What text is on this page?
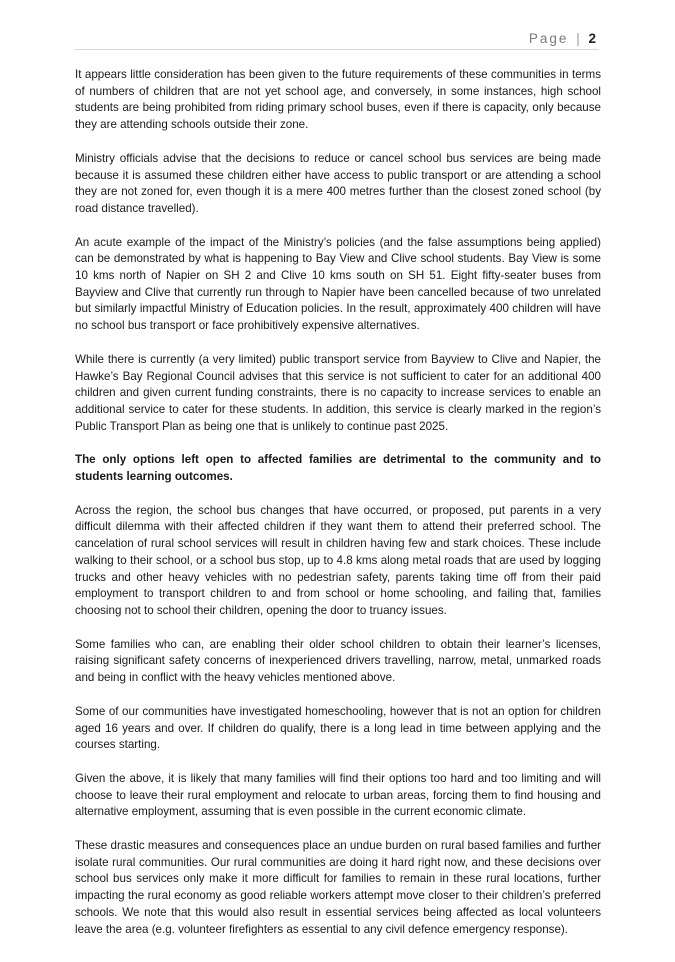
Page | 2

It appears little consideration has been given to the future requirements of these communities in terms of numbers of children that are not yet school age, and conversely, in some instances, high school students are being prohibited from riding primary school buses, even if there is capacity, only because they are attending schools outside their zone.

Ministry officials advise that the decisions to reduce or cancel school bus services are being made because it is assumed these children either have access to public transport or are attending a school they are not zoned for, even though it is a mere 400 metres further than the closest zoned school (by road distance travelled).

An acute example of the impact of the Ministry’s policies (and the false assumptions being applied) can be demonstrated by what is happening to Bay View and Clive school students. Bay View is some 10 kms north of Napier on SH 2 and Clive 10 kms south on SH 51. Eight fifty-seater buses from Bayview and Clive that currently run through to Napier have been cancelled because of two unrelated but similarly impactful Ministry of Education policies. In the result, approximately 400 children will have no school bus transport or face prohibitively expensive alternatives.

While there is currently (a very limited) public transport service from Bayview to Clive and Napier, the Hawke’s Bay Regional Council advises that this service is not sufficient to cater for an additional 400 children and given current funding constraints, there is no capacity to increase services to enable an additional service to cater for these students. In addition, this service is clearly marked in the region’s Public Transport Plan as being one that is unlikely to continue past 2025.

The only options left open to affected families are detrimental to the community and to students learning outcomes.

Across the region, the school bus changes that have occurred, or proposed, put parents in a very difficult dilemma with their affected children if they want them to attend their preferred school. The cancelation of rural school services will result in children having few and stark choices. These include walking to their school, or a school bus stop, up to 4.8 kms along metal roads that are used by logging trucks and other heavy vehicles with no pedestrian safety, parents taking time off from their paid employment to transport children to and from school or home schooling, and failing that, families choosing not to school their children, opening the door to truancy issues.

Some families who can, are enabling their older school children to obtain their learner’s licenses, raising significant safety concerns of inexperienced drivers travelling, narrow, metal, unmarked roads and being in conflict with the heavy vehicles mentioned above.

Some of our communities have investigated homeschooling, however that is not an option for children aged 16 years and over. If children do qualify, there is a long lead in time between applying and the courses starting.

Given the above, it is likely that many families will find their options too hard and too limiting and will choose to leave their rural employment and relocate to urban areas, forcing them to find housing and alternative employment, assuming that is even possible in the current economic climate.

These drastic measures and consequences place an undue burden on rural based families and further isolate rural communities. Our rural communities are doing it hard right now, and these decisions over school bus services only make it more difficult for families to remain in these rural locations, further impacting the rural economy as good reliable workers attempt move closer to their children’s preferred schools. We note that this would also result in essential services being affected as local volunteers leave the area (e.g. volunteer firefighters as essential to any civil defence emergency response).
